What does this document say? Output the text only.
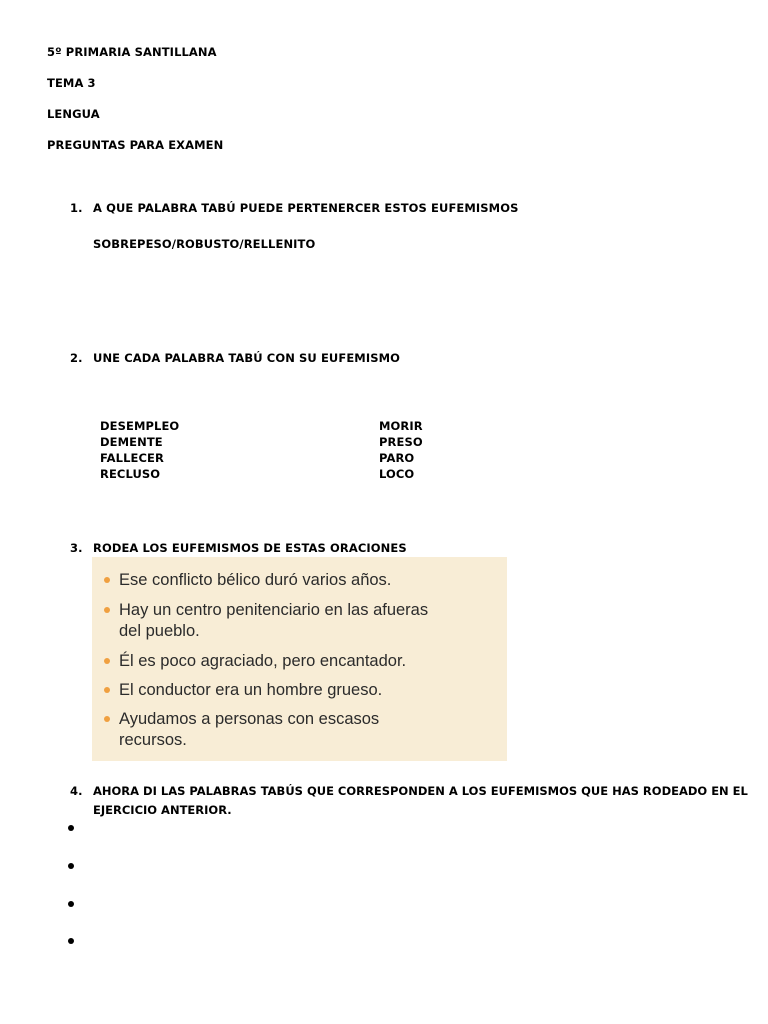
5º PRIMARIA SANTILLANA
TEMA 3
LENGUA
PREGUNTAS PARA EXAMEN
1. A QUE PALABRA TABÚ PUEDE PERTENERCER ESTOS EUFEMISMOS
SOBREPESO/ROBUSTO/RELLENITO
2. UNE CADA PALABRA TABÚ CON SU EUFEMISMO
DESEMPLEO
DEMENTE
FALLECER
RECLUSO
MORIR
PRESO
PARO
LOCO
3. RODEA LOS EUFEMISMOS DE ESTAS ORACIONES
Ese conflicto bélico duró varios años.
Hay un centro penitenciario en las afueras del pueblo.
Él es poco agraciado, pero encantador.
El conductor era un hombre grueso.
Ayudamos a personas con escasos recursos.
4. AHORA DI LAS PALABRAS TABÚS QUE CORRESPONDEN A LOS EUFEMISMOS QUE HAS RODEADO EN EL
EJERCICIO ANTERIOR.
